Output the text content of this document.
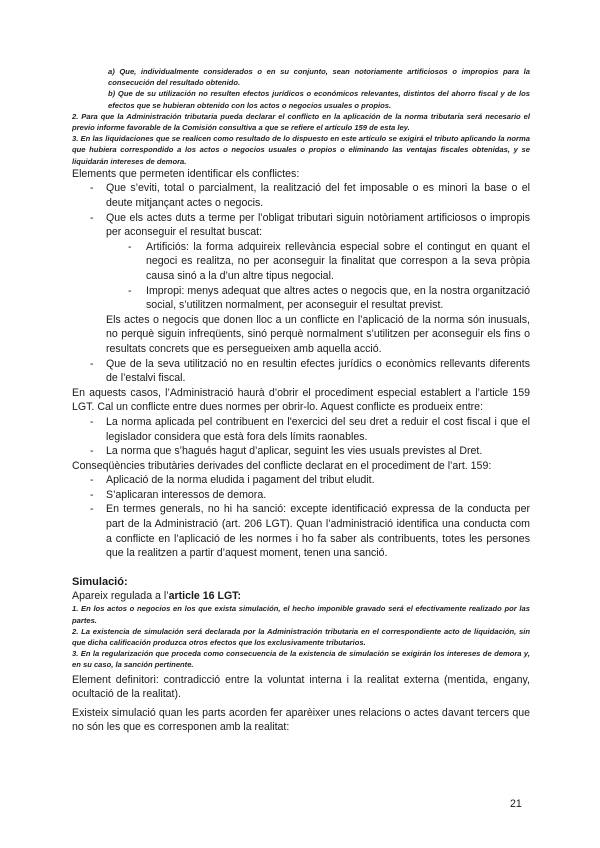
a) Que, individualmente considerados o en su conjunto, sean notoriamente artificiosos o impropios para la consecución del resultado obtenido.
b) Que de su utilización no resulten efectos jurídicos o económicos relevantes, distintos del ahorro fiscal y de los efectos que se hubieran obtenido con los actos o negocios usuales o propios.
2. Para que la Administración tributaria pueda declarar el conflicto en la aplicación de la norma tributaria será necesario el previo informe favorable de la Comisión consultiva a que se refiere el artículo 159 de esta ley.
3. En las liquidaciones que se realicen como resultado de lo dispuesto en este artículo se exigirá el tributo aplicando la norma que hubiera correspondido a los actos o negocios usuales o propios o eliminando las ventajas fiscales obtenidas, y se liquidarán intereses de demora.

Elements que permeten identificar els conflictes:

- Que s’eviti, total o parcialment, la realització del fet imposable o es minori la base o el deute mitjançant actes o negocis.
- Que els actes duts a terme per l’obligat tributari siguin notòriament artificiosos o impropis per aconseguir el resultat buscat:
- Artificiós: la forma adquireix rellevància especial sobre el contingut en quant el negoci es realitza, no per aconseguir la finalitat que correspon a la seva pròpia causa sinó a la d’un altre tipus negocial.
- Impropi: menys adequat que altres actes o negocis que, en la nostra organització social, s’utilitzen normalment, per aconseguir el resultat previst.
Els actes o negocis que donen lloc a un conflicte en l’aplicació de la norma són inusuals, no perquè siguin infreqüents, sinó perquè normalment s’utilitzen per aconseguir els fins o resultats concrets que es persegueixen amb aquella acció.
- Que de la seva utilització no en resultin efectes jurídics o econòmics rellevants diferents de l’estalvi fiscal.

En aquests casos, l’Administració haurà d’obrir el procediment especial establert a l’article 159 LGT. Cal un conflicte entre dues normes per obrir-lo. Aquest conflicte es produeix entre:

- La norma aplicada pel contribuent en l'exercici del seu dret a reduir el cost fiscal i que el legislador considera que està fora dels límits raonables.
- La norma que s’hagués hagut d’aplicar, seguint les vies usuals previstes al Dret.

Conseqüències tributàries derivades del conflicte declarat en el procediment de l’art. 159:

- Aplicació de la norma eludida i pagament del tribut eludit.
- S’aplicaran interessos de demora.
- En termes generals, no hi ha sanció: excepte identificació expressa de la conducta per part de la Administració (art. 206 LGT). Quan l’administració identifica una conducta com a conflicte en l’aplicació de les normes i ho fa saber als contribuents, totes les persones que la realitzen a partir d’aquest moment, tenen una sanció.
Simulació:

Apareix regulada a l’article 16 LGT:

1. En los actos o negocios en los que exista simulación, el hecho imponible gravado será el efectivamente realizado por las partes.
2. La existencia de simulación será declarada por la Administración tributaria en el correspondiente acto de liquidación, sin que dicha calificación produzca otros efectos que los exclusivamente tributarios.
3. En la regularización que proceda como consecuencia de la existencia de simulación se exigirán los intereses de demora y, en su caso, la sanción pertinente.

Element definitori: contradicció entre la voluntat interna i la realitat externa (mentida, engany, ocultació de la realitat).

Existeix simulació quan les parts acorden fer aparèixer unes relacions o actes davant tercers que no són les que es corresponen amb la realitat:

21
